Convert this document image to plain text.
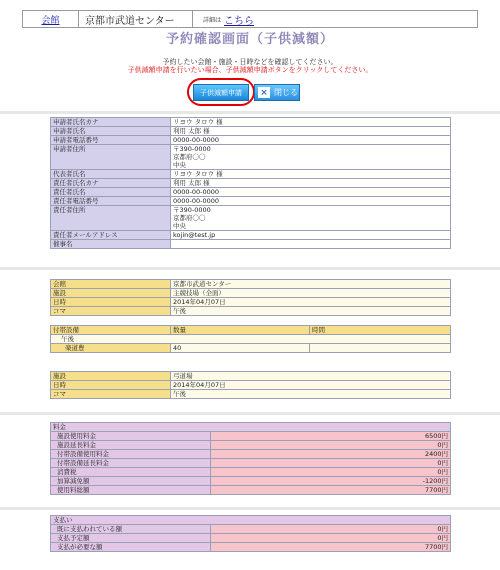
会館	京都市武道センター	詳細は こちら
予約確認画面（子供減額）
予約したい会館・施設・日時などを確認してください。
子供減額申請を行いたい場合、子供減額申請ボタンをクリックしてください。
子供減額申請	× 閉じる
申請者氏名カナ	リヨウ タロウ 様
申請者氏名	利用 太郎 様
申請者電話番号	0000-00-0000
申請者住所	〒390-0000
京都府〇〇
中央

代表者氏名	リヨウ タロウ 様
責任者氏名カナ	利用 太郎 様
責任者氏名	0000-00-0000
責任者電話番号	0000-00-0000
責任者住所	〒390-0000
京都府〇〇
中央

責任者メールアドレス	kojin@test.jp
催事名	
会館	京都市武道センター
施設	主競技場（全面）
日時	2014年04月07日
コマ	午後
付帯設備	数量	時間
午後		
楽道豊	40	
施設	弓道場
日時	2014年04月07日
コマ	午後
料金	
施設使用料金	6500円
施設延長料金	0円
付帯設備使用料金	2400円
付帯設備延長料金	0円
消費税	0円
加算減免額	-1200円
使用料総額	7700円
支払い	
既に支払われている額	0円
支払予定額	0円
支払が必要な額	7700円
